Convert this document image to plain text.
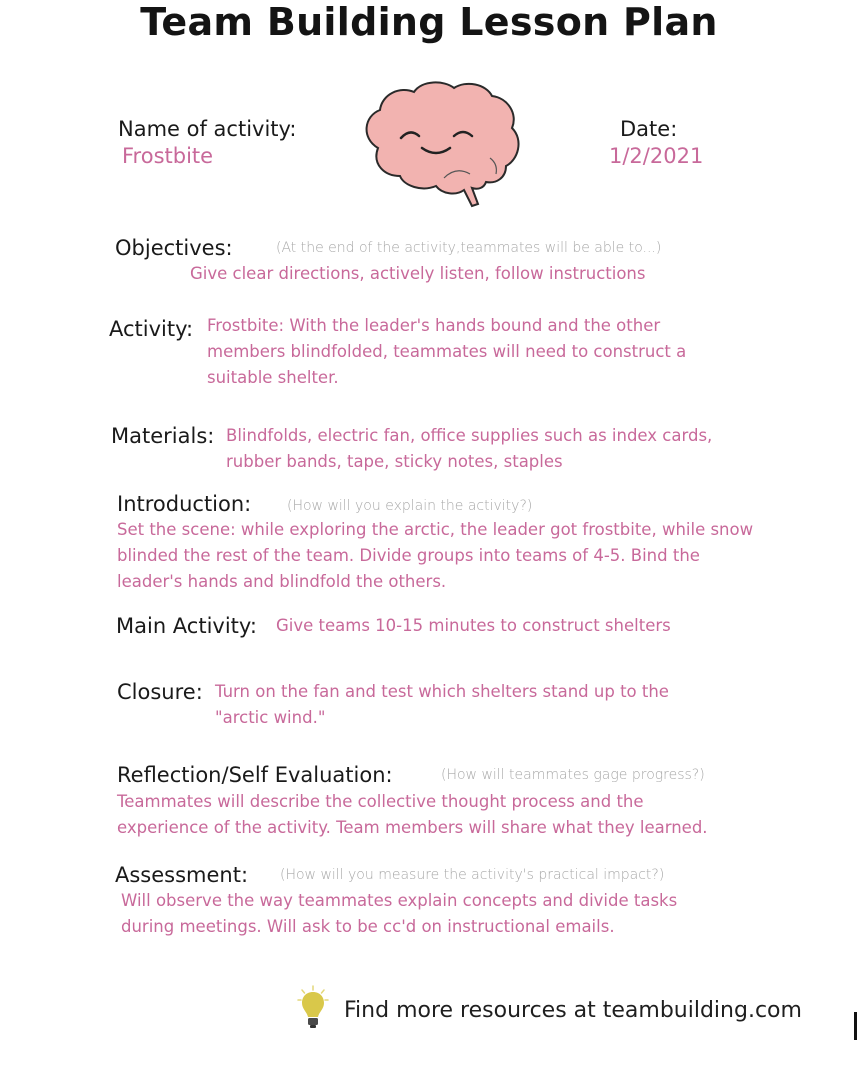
Team Building Lesson Plan
Name of activity:
Frostbite
Date:
1/2/2021
Objectives:	(At the end of the activity,teammates will be able to...)
Give clear directions, actively listen, follow instructions
Activity: Frostbite: With the leader's hands bound and the other
members blindfolded, teammates will need to construct a
suitable shelter.
Materials: Blindfolds, electric fan, office supplies such as index cards,
rubber bands, tape, sticky notes, staples
Introduction:	(How will you explain the activity?)
Set the scene: while exploring the arctic, the leader got frostbite, while snow
blinded the rest of the team. Divide groups into teams of 4-5. Bind the
leader's hands and blindfold the others.
Main Activity: Give teams 10-15 minutes to construct shelters
Closure: Turn on the fan and test which shelters stand up to the
"arctic wind."
Reflection/Self Evaluation:	(How will teammates gage progress?)
Teammates will describe the collective thought process and the
experience of the activity. Team members will share what they learned.
Assessment: (How will you measure the activity's practical impact?)
Will observe the way teammates explain concepts and divide tasks
during meetings. Will ask to be cc'd on instructional emails.
Find more resources at teambuilding.com
